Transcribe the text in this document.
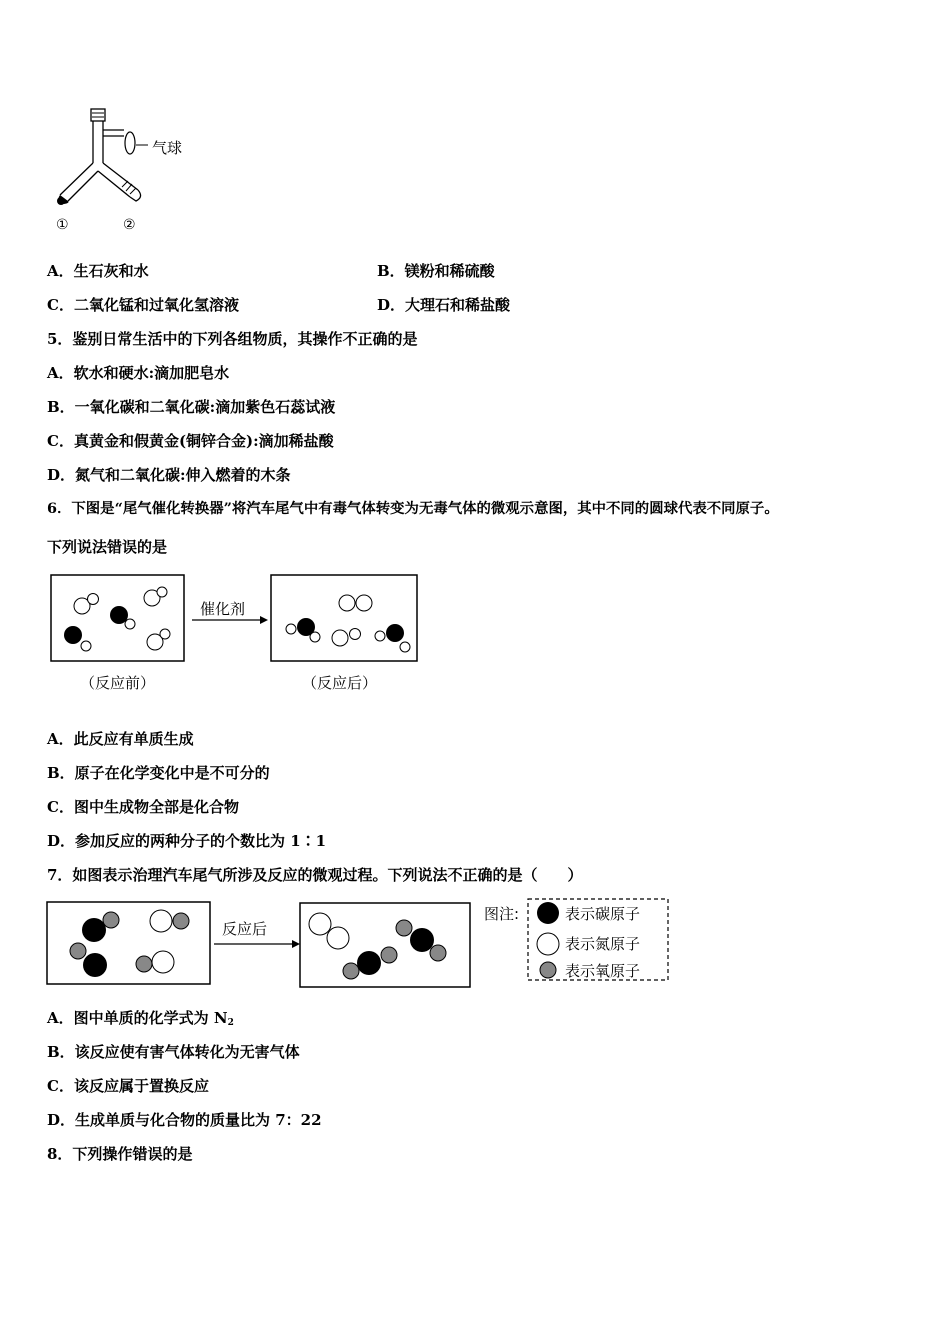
气球
①	②
A．生石灰和水	B．镁粉和稀硫酸
C．二氧化锰和过氧化氢溶液	D．大理石和稀盐酸
5．鉴别日常生活中的下列各组物质，其操作不正确的是
A．软水和硬水:滴加肥皂水
B．一氧化碳和二氧化碳:滴加紫色石蕊试液
C．真黄金和假黄金(铜锌合金):滴加稀盐酸
D．氮气和二氧化碳:伸入燃着的木条
6．下图是“尾气催化转换器”将汽车尾气中有毒气体转变为无毒气体的微观示意图，其中不同的圆球代表不同原子。
下列说法错误的是
催化剂
（反应前）	（反应后）
A．此反应有单质生成
B．原子在化学变化中是不可分的
C．图中生成物全部是化合物
D．参加反应的两种分子的个数比为 1∶1
7．如图表示治理汽车尾气所涉及反应的微观过程。下列说法不正确的是（　　）
反应后
图注:	表示碳原子
表示氮原子
表示氧原子
A．图中单质的化学式为 $N_2$
B．该反应使有害气体转化为无害气体
C．该反应属于置换反应
D．生成单质与化合物的质量比为 7：22
8．下列操作错误的是
